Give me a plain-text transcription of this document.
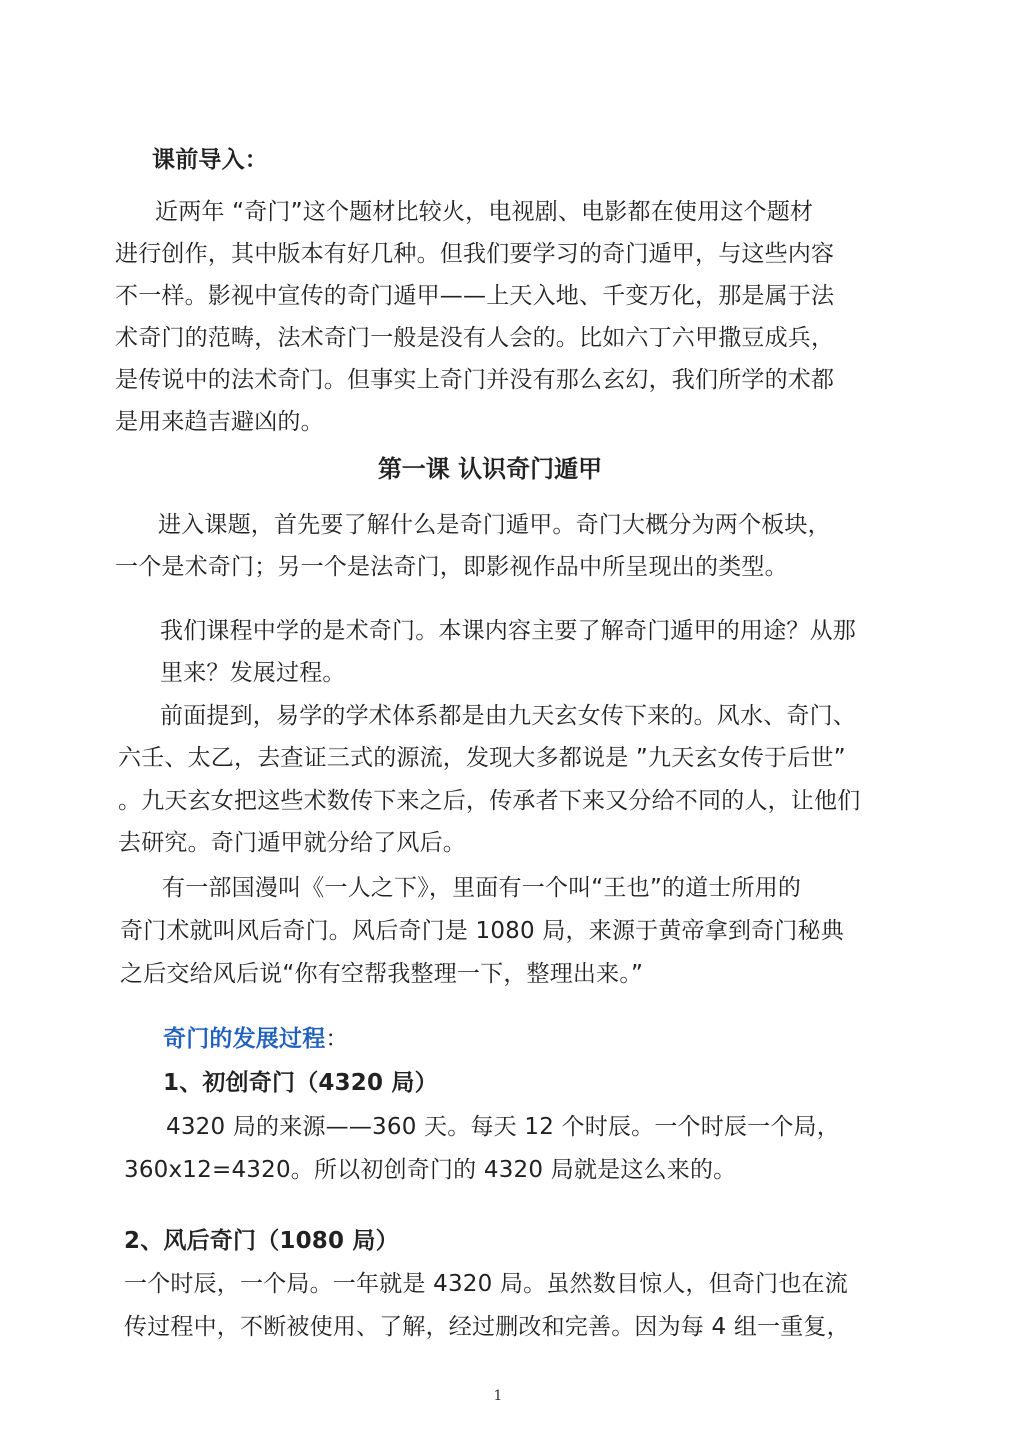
课前导入：
近两年 “奇门”这个题材比较火，电视剧、电影都在使用这个题材
进行创作，其中版本有好几种。但我们要学习的奇门遁甲，与这些内容
不一样。影视中宣传的奇门遁甲——上天入地、千变万化，那是属于法
术奇门的范畴，法术奇门一般是没有人会的。比如六丁六甲撒豆成兵，
是传说中的法术奇门。但事实上奇门并没有那么玄幻，我们所学的术都
是用来趋吉避凶的。
第一课 认识奇门遁甲
进入课题，首先要了解什么是奇门遁甲。奇门大概分为两个板块，
一个是术奇门；另一个是法奇门，即影视作品中所呈现出的类型。
我们课程中学的是术奇门。本课内容主要了解奇门遁甲的用途？从那
里来？发展过程。
前面提到，易学的学术体系都是由九天玄女传下来的。风水、奇门、
六壬、太乙，去查证三式的源流，发现大多都说是 ”九天玄女传于后世”
。九天玄女把这些术数传下来之后，传承者下来又分给不同的人，让他们
去研究。奇门遁甲就分给了风后。
有一部国漫叫《一人之下》，里面有一个叫“王也”的道士所用的
奇门术就叫风后奇门。风后奇门是 1080 局，来源于黄帝拿到奇门秘典
之后交给风后说“你有空帮我整理一下，整理出来。”
奇门的发展过程：
1、初创奇门（4320 局）
4320 局的来源——360 天。每天 12 个时辰。一个时辰一个局，
360x12=4320。所以初创奇门的 4320 局就是这么来的。
2、风后奇门（1080 局）
一个时辰，一个局。一年就是 4320 局。虽然数目惊人，但奇门也在流
传过程中，不断被使用、了解，经过删改和完善。因为每 4 组一重复，
1
